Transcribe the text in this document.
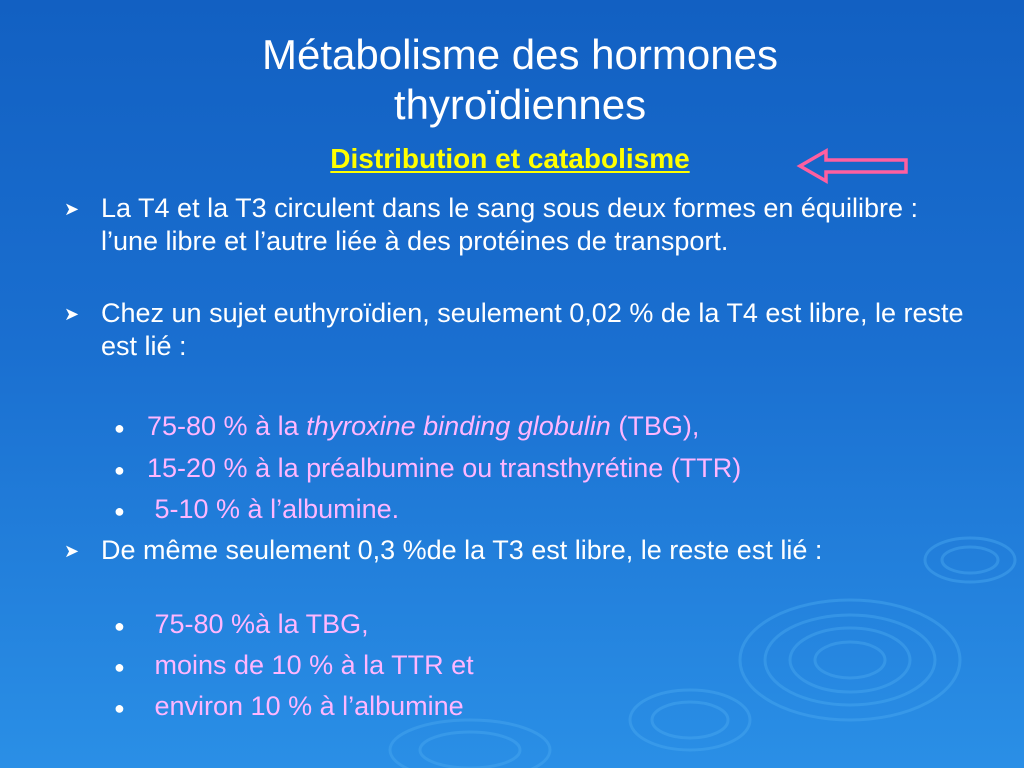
Métabolisme des hormones thyroïdiennes
Distribution et catabolisme
➤ La T4 et la T3 circulent dans le sang sous deux formes en équilibre : l’une libre et l’autre liée à des protéines de transport.
➤ Chez un sujet euthyroïdien, seulement 0,02 % de la T4 est libre, le reste est lié :
● 75-80 % à la thyroxine binding globulin (TBG),
● 15-20 % à la préalbumine ou transthyrétine (TTR)
● 5-10 % à l’albumine.
➤ De même seulement 0,3 %de la T3 est libre, le reste est lié :
● 75-80 %à la TBG,
● moins de 10 % à la TTR et
● environ 10 % à l’albumine
